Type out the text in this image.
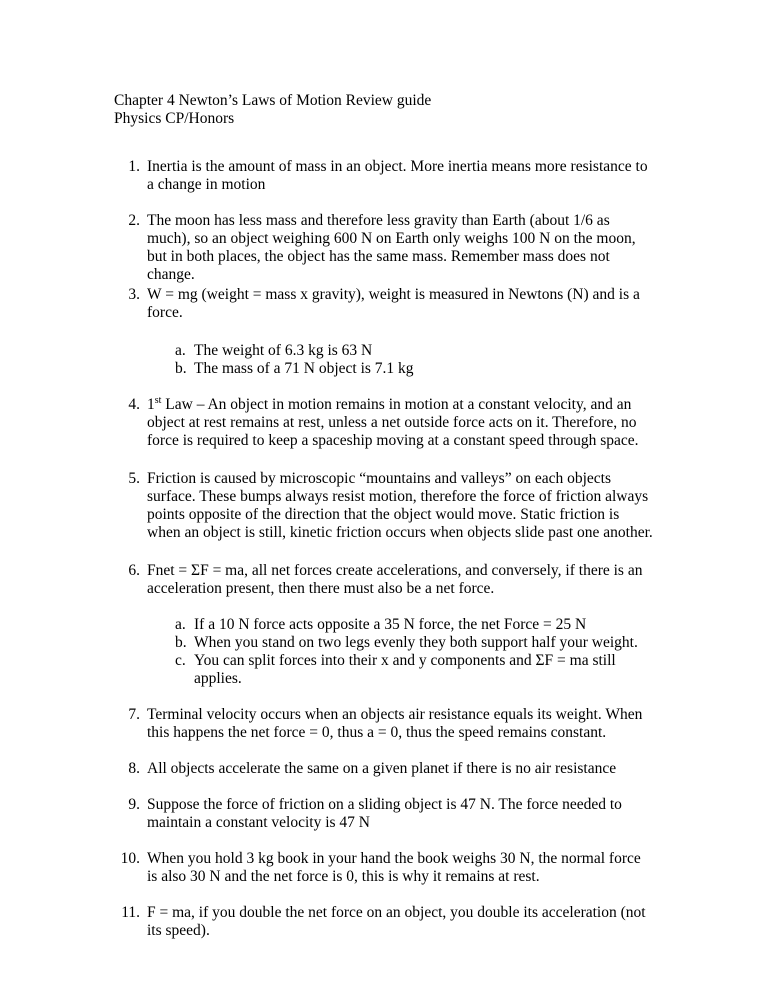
Chapter 4 Newton’s Laws of Motion Review guide
Physics CP/Honors
1. Inertia is the amount of mass in an object. More inertia means more resistance to a change in motion
2. The moon has less mass and therefore less gravity than Earth (about 1/6 as much), so an object weighing 600 N on Earth only weighs 100 N on the moon, but in both places, the object has the same mass. Remember mass does not change.
3. W = mg (weight = mass x gravity), weight is measured in Newtons (N) and is a force.
a. The weight of 6.3 kg is 63 N
b. The mass of a 71 N object is 7.1 kg
4. 1st Law – An object in motion remains in motion at a constant velocity, and an object at rest remains at rest, unless a net outside force acts on it. Therefore, no force is required to keep a spaceship moving at a constant speed through space.
5. Friction is caused by microscopic “mountains and valleys” on each objects surface. These bumps always resist motion, therefore the force of friction always points opposite of the direction that the object would move. Static friction is when an object is still, kinetic friction occurs when objects slide past one another.
6. Fnet = ΣF = ma, all net forces create accelerations, and conversely, if there is an acceleration present, then there must also be a net force.
a. If a 10 N force acts opposite a 35 N force, the net Force = 25 N
b. When you stand on two legs evenly they both support half your weight.
c. You can split forces into their x and y components and ΣF = ma still applies.
7. Terminal velocity occurs when an objects air resistance equals its weight. When this happens the net force = 0, thus a = 0, thus the speed remains constant.
8. All objects accelerate the same on a given planet if there is no air resistance
9. Suppose the force of friction on a sliding object is 47 N. The force needed to maintain a constant velocity is 47 N
10. When you hold 3 kg book in your hand the book weighs 30 N, the normal force is also 30 N and the net force is 0, this is why it remains at rest.
11. F = ma, if you double the net force on an object, you double its acceleration (not its speed).
